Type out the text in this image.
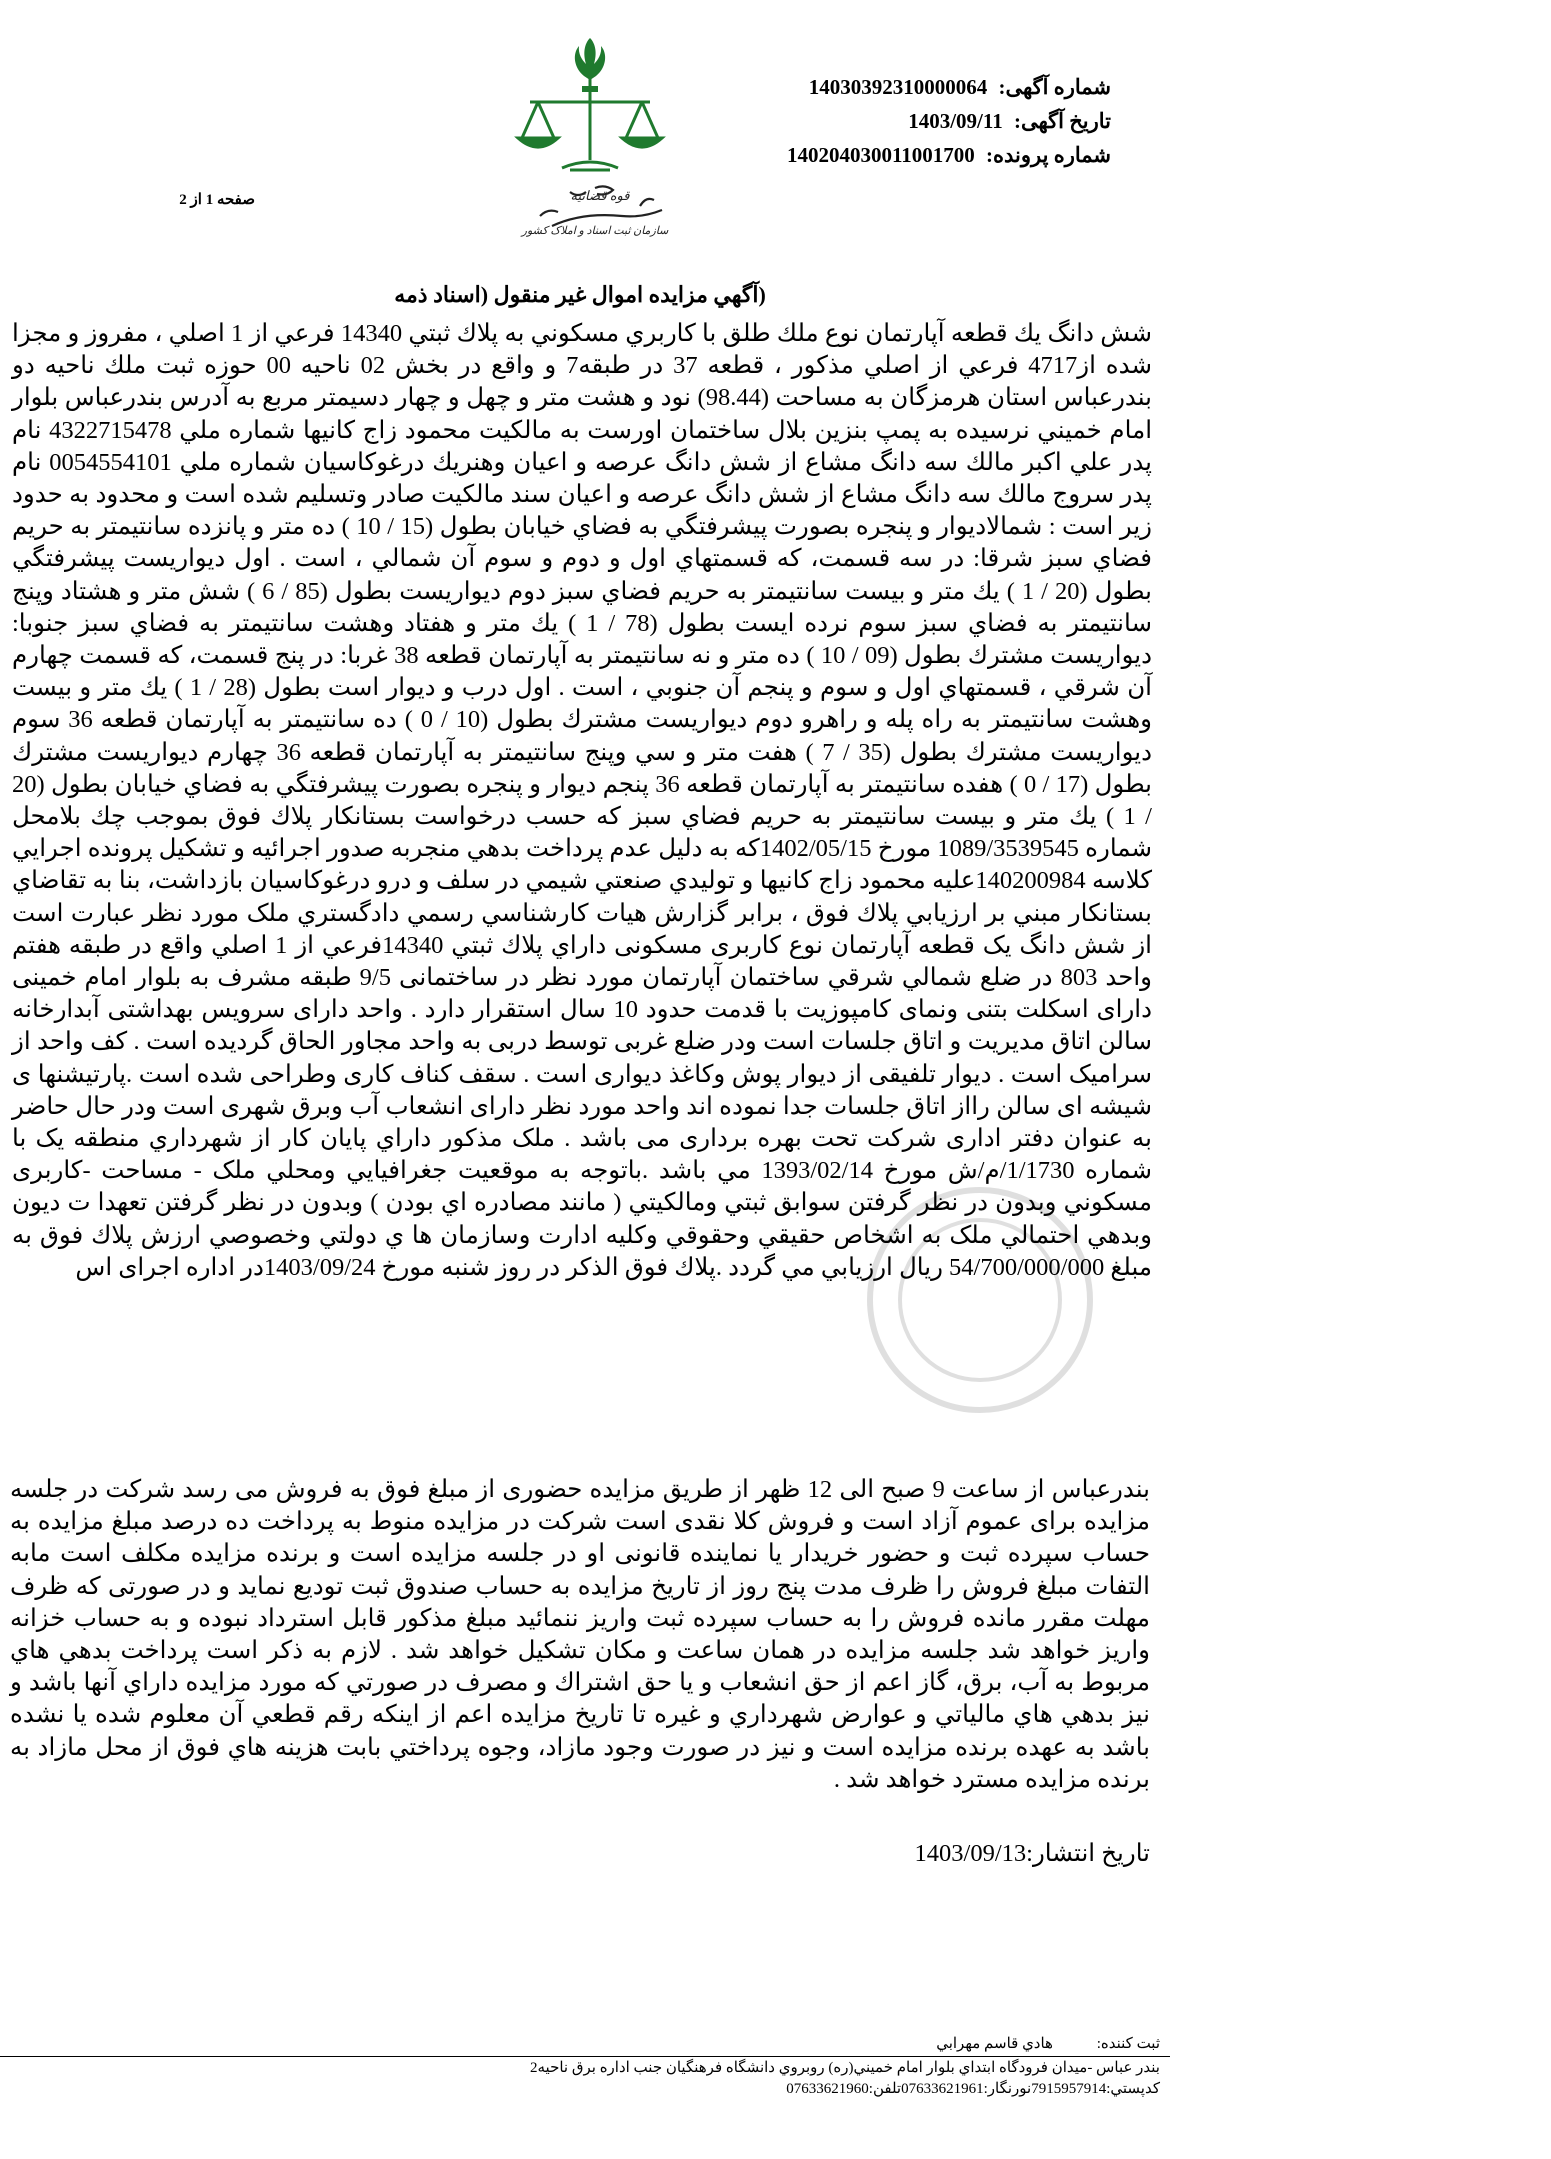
قوه قضائیه
سازمان ثبت اسناد و املاک کشور
شماره آگهی: 14030392310000064
تاریخ آگهی: 1403/09/11
شماره پرونده: 140204030011001700
صفحه 1 از 2
(آگهي مزايده اموال غير منقول (اسناد ذمه
شش دانگ يك قطعه آپارتمان نوع ملك طلق با كاربري مسكوني به پلاك ثبتي 14340 فرعي از 1 اصلي ، مفروز و مجزا شده از4717 فرعي از اصلي مذكور ، قطعه 37 در طبقه7 و واقع در بخش 02 ناحيه 00 حوزه ثبت ملك ناحيه دو بندرعباس استان هرمزگان به مساحت (98.44) نود و هشت متر و چهل و چهار دسيمتر مربع به آدرس بندرعباس بلوار امام خميني نرسيده به پمپ بنزين بلال ساختمان اورست به مالكيت محمود زاج كانيها شماره ملي 4322715478 نام پدر علي اكبر مالك سه دانگ مشاع از شش دانگ عرصه و اعيان وهنريك درغوكاسيان شماره ملي 0054554101 نام پدر سروج مالك سه دانگ مشاع از شش دانگ عرصه و اعيان سند مالكيت صادر وتسليم شده است و محدود به حدود زير است : شمالاديوار و پنجره بصورت پيشرفتگي به فضاي خيابان بطول (15 / 10 ) ده متر و پانزده سانتيمتر به حريم فضاي سبز شرقا: در سه قسمت، كه قسمتهاي اول و دوم و سوم آن شمالي ، است . اول ديواريست پيشرفتگي بطول (20 / 1 ) يك متر و بيست سانتيمتر به حريم فضاي سبز دوم ديواريست بطول (85 / 6 ) شش متر و هشتاد وپنج سانتيمتر به فضاي سبز سوم نرده ايست بطول (78 / 1 ) يك متر و هفتاد وهشت سانتيمتر به فضاي سبز جنوبا: ديواريست مشترك بطول (09 / 10 ) ده متر و نه سانتيمتر به آپارتمان قطعه 38 غربا: در پنج قسمت، كه قسمت چهارم آن شرقي ، قسمتهاي اول و سوم و پنجم آن جنوبي ، است . اول درب و ديوار است بطول (28 / 1 ) يك متر و بيست وهشت سانتيمتر به راه پله و راهرو دوم ديواريست مشترك بطول (10 / 0 ) ده سانتيمتر به آپارتمان قطعه 36 سوم ديواريست مشترك بطول (35 / 7 ) هفت متر و سي وپنج سانتيمتر به آپارتمان قطعه 36 چهارم ديواريست مشترك بطول (17 / 0 ) هفده سانتيمتر به آپارتمان قطعه 36 پنجم ديوار و پنجره بصورت پيشرفتگي به فضاي خيابان بطول (20 / 1 ) يك متر و بيست سانتيمتر به حريم فضاي سبز كه حسب درخواست بستانكار پلاك فوق بموجب چك بلامحل شماره 1089/3539545 مورخ 1402/05/15كه به دليل عدم پرداخت بدهي منجربه صدور اجرائيه و تشكيل پرونده اجرايي كلاسه 140200984عليه محمود زاج كانيها و توليدي صنعتي شيمي در سلف و درو درغوكاسيان بازداشت، بنا به تقاضاي بستانكار مبني بر ارزيابي پلاك فوق ، برابر گزارش هيات كارشناسي رسمي دادگستري ملک مورد نظر عبارت است از شش دانگ يک قطعه آپارتمان نوع کاربری مسکونی داراي پلاك ثبتي 14340فرعي از 1 اصلي واقع در طبقه هفتم واحد 803 در ضلع شمالي شرقي ساختمان آپارتمان مورد نظر در ساختمانی 9/5 طبقه مشرف به بلوار امام خمینی دارای اسكلت بتنی ونمای كامپوزيت با قدمت حدود 10 سال استقرار دارد . واحد دارای سرويس بهداشتی آبدارخانه سالن اتاق مديريت و اتاق جلسات است ودر ضلع غربی توسط دربی به واحد مجاور الحاق گرديده است . كف واحد از سراميک است . ديوار تلفيقی از ديوار پوش وكاغذ ديواری است . سقف كناف كاری وطراحی شده است .پارتيشنها ی شيشه ای سالن رااز اتاق جلسات جدا نموده اند واحد مورد نظر دارای انشعاب آب وبرق شهری است ودر حال حاضر به عنوان دفتر اداری شركت تحت بهره برداری می باشد . ملک مذكور داراي پايان كار از شهرداري منطقه يک با شماره 1/1730/م/ش مورخ 1393/02/14 مي باشد .باتوجه به موقعيت جغرافيايي ومحلي ملک - مساحت -كاربری مسكوني وبدون در نظر گرفتن سوابق ثبتي ومالكيتي ( مانند مصادره اي بودن ) وبدون در نظر گرفتن تعهدا ت ديون وبدهي احتمالي ملک به اشخاص حقيقي وحقوقي وكليه ادارت وسازمان ها ي دولتي وخصوصي ارزش پلاك فوق به مبلغ 54/700/000/000 ريال ارزيابي مي گردد .پلاك فوق الذكر در روز شنبه مورخ 1403/09/24در اداره اجراى اس
بندرعباس از ساعت 9 صبح الى 12 ظهر از طريق مزايده حضورى از مبلغ فوق به فروش مى رسد شركت در جلسه مزايده براى عموم آزاد است و فروش كلا نقدى است شركت در مزايده منوط به پرداخت ده درصد مبلغ مزايده به حساب سپرده ثبت و حضور خريدار يا نماينده قانونى او در جلسه مزايده است و برنده مزايده مكلف است مابه التفات مبلغ فروش را ظرف مدت پنج روز از تاريخ مزايده به حساب صندوق ثبت توديع نمايد و در صورتى كه ظرف مهلت مقرر مانده فروش را به حساب سپرده ثبت واريز ننمائيد مبلغ مذكور قابل استرداد نبوده و به حساب خزانه واريز خواهد شد جلسه مزايده در همان ساعت و مكان تشكيل خواهد شد . لازم به ذكر است پرداخت بدهي هاي مربوط به آب، برق، گاز اعم از حق انشعاب و يا حق اشتراك و مصرف در صورتي كه مورد مزايده داراي آنها باشد و نيز بدهي هاي مالياتي و عوارض شهرداري و غيره تا تاريخ مزايده اعم از اينكه رقم قطعي آن معلوم شده يا نشده باشد به عهده برنده مزايده است و نيز در صورت وجود مازاد، وجوه پرداختي بابت هزينه هاي فوق از محل مازاد به برنده مزايده مسترد خواهد شد .
تاريخ انتشار:1403/09/13
ثبت كننده: هادي قاسم مهرابي
بندر عباس -ميدان فرودگاه ابتداي بلوار امام خميني(ره) روبروي دانشگاه فرهنگيان جنب اداره برق ناحيه2
كدپستي:7915957914نورنگار:07633621961تلفن:07633621960
